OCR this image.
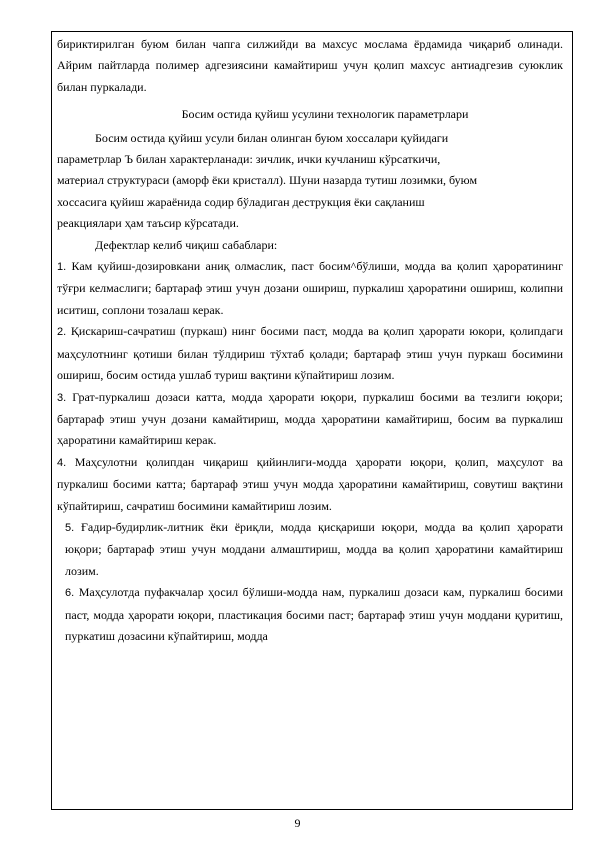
бириктирилган буюм билан чапга силжийди ва махсус мослама ёрдамида чиқариб олинади. Айрим пайтларда полимер адгезиясини камайтириш учун қолип махсус антиадгезив суюклик билан пуркалади.

Босим остида қуйиш усулини технологик параметрлари

Босим остида қуйиш усули билан олинган буюм хоссалари қуйидаги

параметрлар Ъ билан характерланади: зичлик, ички кучланиш кўрсаткичи,

материал структураси (аморф ёки кристалл). Шуни назарда тутиш лозимки, буюм

хоссасига қуйиш жараёнида содир бўладиган деструкция ёки сақланиш

реакциялари ҳам таъсир кўрсатади.

Дефектлар келиб чиқиш сабаблари:

1. Кам қуйиш-дозировкани аниқ олмаслик, паст босим^бўлиши, модда ва қолип ҳароратининг тўғри келмаслиги; бартараф этиш учун дозани ошириш, пуркалиш ҳароратини ошириш, колипни иситиш, соплони тозалаш керак.

2. Қискариш-сачратиш (пуркаш) нинг босими паст, модда ва қолип ҳарорати юкори, қолипдаги маҳсулотнинг қотиши билан тўлдириш тўхтаб қолади; бартараф этиш учун пуркаш босимини ошириш, босим остида ушлаб туриш вақтини кўпайтириш лозим.

3. Грат-пуркалиш дозаси катта, модда ҳарорати юқори, пуркалиш босими ва тезлиги юқори; бартараф этиш учун дозани камайтириш, модда ҳароратини камайтириш, босим ва пуркалиш ҳароратини камайтириш керак.

4. Маҳсулотни қолипдан чиқариш қийинлиги-модда ҳарорати юқори, қолип, маҳсулот ва пуркалиш босими катта; бартараф этиш учун модда ҳароратини камайтириш, совутиш вақтини кўпайтириш, сачратиш босимини камайтириш лозим.

5. Ғадир-будирлик-литник ёки ёриқли, модда қисқариши юқори, модда ва қолип ҳарорати юқори; бартараф этиш учун моддани алмаштириш, модда ва қолип ҳароратини камайтириш лозим.

6. Маҳсулотда пуфакчалар ҳосил бўлиши-модда нам, пуркалиш дозаси кам, пуркалиш босими паст, модда ҳарорати юқори, пластикация босими паст; бартараф этиш учун моддани қуритиш, пуркатиш дозасини кўпайтириш, модда

9
